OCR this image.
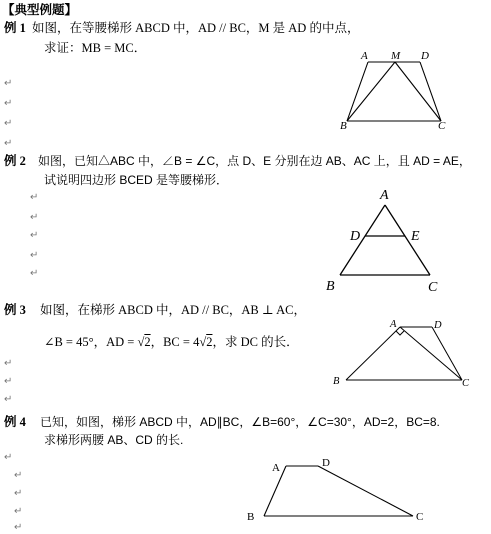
【典型例题】
例 1 如图，在等腰梯形 ABCD 中，AD // BC，M 是 AD 的中点，
求证：MB = MC．
↵
↵
↵
↵
A M D
B	C
A
D	E
B	C
A	D
B	C
A	D
B	C
例 2 如图，已知△ABC 中，∠B = ∠C，点 D、E 分别在边 AB、AC 上，且 AD = AE，
试说明四边形 BCED 是等腰梯形．
↵
↵
↵
↵
↵
例 3 如图，在梯形 ABCD 中，AD // BC，AB ⊥ AC，
∠B = 45°，AD = √2，BC = 4√2，求 DC 的长．
↵
↵
↵
例 4 已知，如图，梯形 ABCD 中，AD∥BC，∠B=60°，∠C=30°，AD=2，BC=8.
求梯形两腰 AB、CD 的长.
↵
↵
↵
↵
↵
